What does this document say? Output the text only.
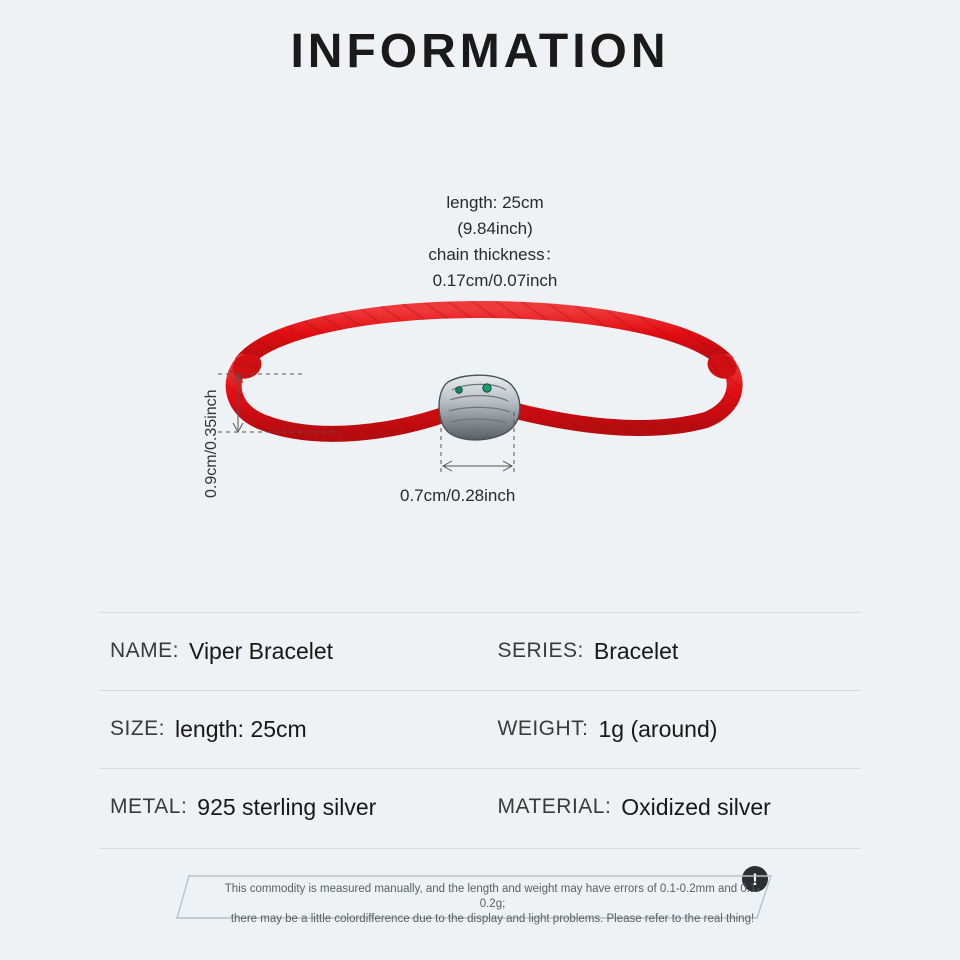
INFORMATION
length: 25cm
(9.84inch)
chain thickness：
0.17cm/0.07inch
0.9cm/0.35inch	0.7cm/0.28inch
NAME: Viper Bracelet	SERIES: Bracelet
SIZE: length: 25cm	WEIGHT: 1g (around)
METAL: 925 sterling silver	MATERIAL: Oxidized silver
!
This commodity is measured manually, and the length and weight may have errors of 0.1-0.2mm and 0.1-0.2g;
there may be a little colordifference due to the display and light problems. Please refer to the real thing!
